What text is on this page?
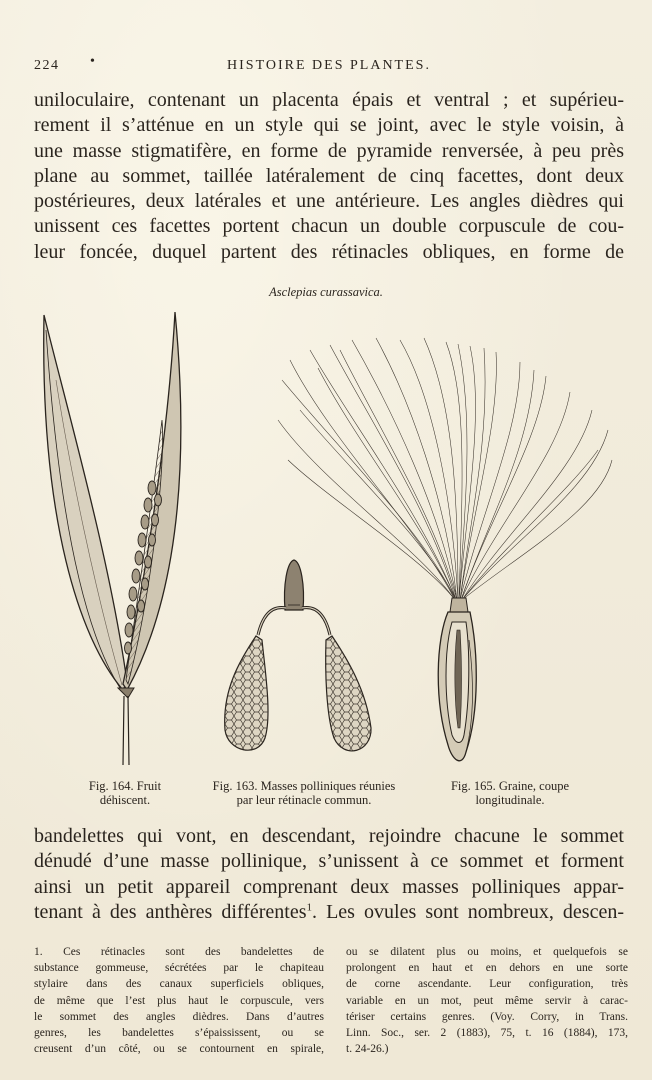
224 •	HISTOIRE DES PLANTES.

uniloculaire, contenant un placenta épais et ventral ; et supérieu-
rement il s’atténue en un style qui se joint, avec le style voisin, à
une masse stigmatifère, en forme de pyramide renversée, à peu près
plane au sommet, taillée latéralement de cinq facettes, dont deux
postérieures, deux latérales et une antérieure. Les angles dièdres qui
unissent ces facettes portent chacun un double corpuscule de cou-
leur foncée, duquel partent des rétinacles obliques, en forme de

Asclepias curassavica.
Fig. 164. Fruit
déhiscent.
Fig. 163. Masses polliniques réunies
par leur rétinacle commun.
Fig. 165. Graine, coupe
longitudinale.

bandelettes qui vont, en descendant, rejoindre chacune le sommet
dénudé d’une masse pollinique, s’unissent à ce sommet et forment
ainsi un petit appareil comprenant deux masses polliniques appar-
tenant à des anthères différentes$^1$. Les ovules sont nombreux, descen-

1. Ces rétinacles sont des bandelettes de
substance gommeuse, sécrétées par le chapiteau
stylaire dans des canaux superficiels obliques,
de même que l’est plus haut le corpuscule, vers
le sommet des angles dièdres. Dans d’autres
genres, les bandelettes s’épaississent, ou se
creusent d’un côté, ou se contournent en spirale,
ou se dilatent plus ou moins, et quelquefois se
prolongent en haut et en dehors en une sorte
de corne ascendante. Leur configuration, très
variable en un mot, peut même servir à carac-
tériser certains genres. (Voy. Corry, in Trans.
Linn. Soc., ser. 2 (1883), 75, t. 16 (1884), 173,
t. 24-26.)
